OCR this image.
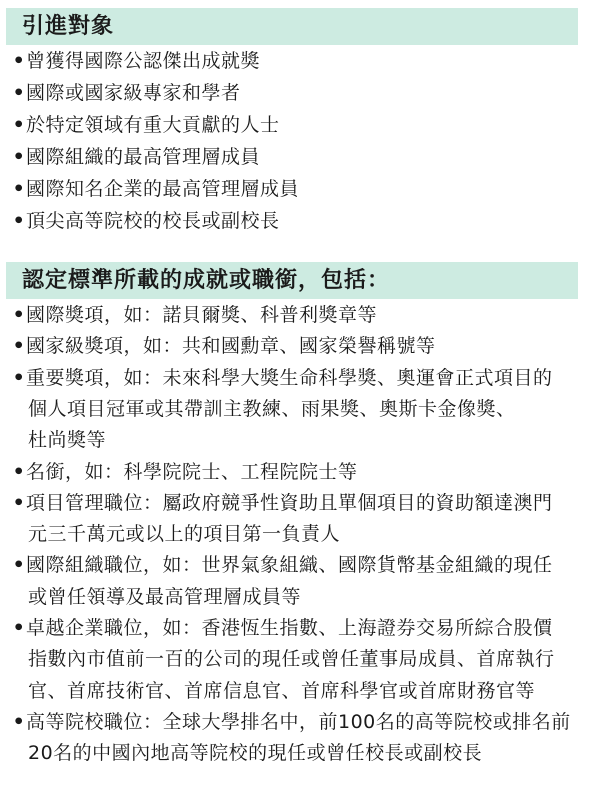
引進對象
•曾獲得國際公認傑出成就獎
•國際或國家級專家和學者
•於特定領域有重大貢獻的人士
•國際組織的最高管理層成員
•國際知名企業的最高管理層成員
•頂尖高等院校的校長或副校長
認定標準所載的成就或職銜，包括：
•國際獎項，如：諾貝爾獎、科普利獎章等
•國家級獎項，如：共和國勳章、國家榮譽稱號等
•重要獎項，如：未來科學大獎生命科學獎、奧運會正式項目的
個人項目冠軍或其帶訓主教練、雨果獎、奧斯卡金像獎、
杜尚獎等
•名銜，如：科學院院士、工程院院士等
•項目管理職位：屬政府競爭性資助且單個項目的資助額達澳門
元三千萬元或以上的項目第一負責人
•國際組織職位，如：世界氣象組織、國際貨幣基金組織的現任
或曾任領導及最高管理層成員等
•卓越企業職位，如：香港恆生指數、上海證券交易所綜合股價
指數內市值前一百的公司的現任或曾任董事局成員、首席執行
官、首席技術官、首席信息官、首席科學官或首席財務官等
•高等院校職位：全球大學排名中，前100名的高等院校或排名前
20名的中國內地高等院校的現任或曾任校長或副校長
